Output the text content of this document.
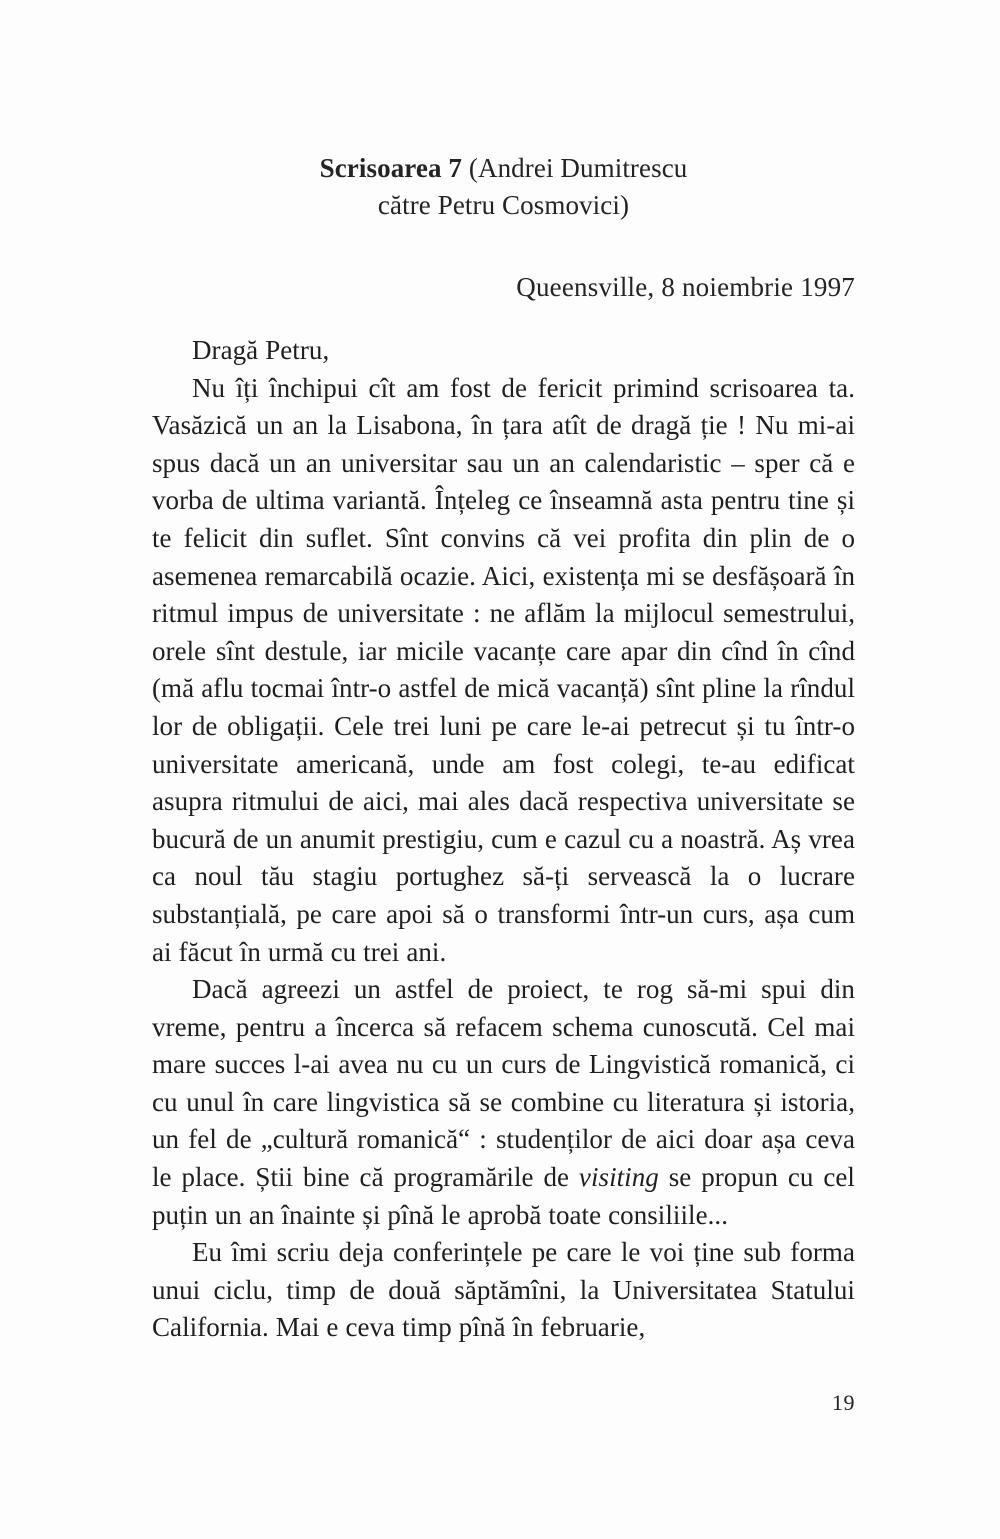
Scrisoarea 7 (Andrei Dumitrescu
către Petru Cosmovici)
Queensville, 8 noiembrie 1997

Dragă Petru,

Nu îți închipui cît am fost de fericit primind scrisoarea ta. Vasăzică un an la Lisabona, în țara atît de dragă ție ! Nu mi-ai spus dacă un an universitar sau un an calendaristic – sper că e vorba de ultima variantă. Înțeleg ce înseamnă asta pentru tine și te felicit din suflet. Sînt convins că vei profita din plin de o asemenea remarcabilă ocazie. Aici, existența mi se desfășoară în ritmul impus de universitate : ne aflăm la mijlocul semestrului, orele sînt destule, iar micile vacanțe care apar din cînd în cînd (mă aflu tocmai într-o astfel de mică vacanță) sînt pline la rîndul lor de obligații. Cele trei luni pe care le-ai petrecut și tu într-o universitate americană, unde am fost colegi, te-au edificat asupra ritmului de aici, mai ales dacă respectiva universitate se bucură de un anumit prestigiu, cum e cazul cu a noastră. Aș vrea ca noul tău stagiu portughez să-ți servească la o lucrare substanțială, pe care apoi să o transformi într-un curs, așa cum ai făcut în urmă cu trei ani.

Dacă agreezi un astfel de proiect, te rog să-mi spui din vreme, pentru a încerca să refacem schema cunoscută. Cel mai mare succes l-ai avea nu cu un curs de Lingvistică romanică, ci cu unul în care lingvistica să se combine cu literatura și istoria, un fel de „cultură romanică“ : studenților de aici doar așa ceva le place. Știi bine că programările de visiting se propun cu cel puțin un an înainte și pînă le aprobă toate consiliile...

Eu îmi scriu deja conferințele pe care le voi ține sub forma unui ciclu, timp de două săptămîni, la Universitatea Statului California. Mai e ceva timp pînă în februarie,

19
